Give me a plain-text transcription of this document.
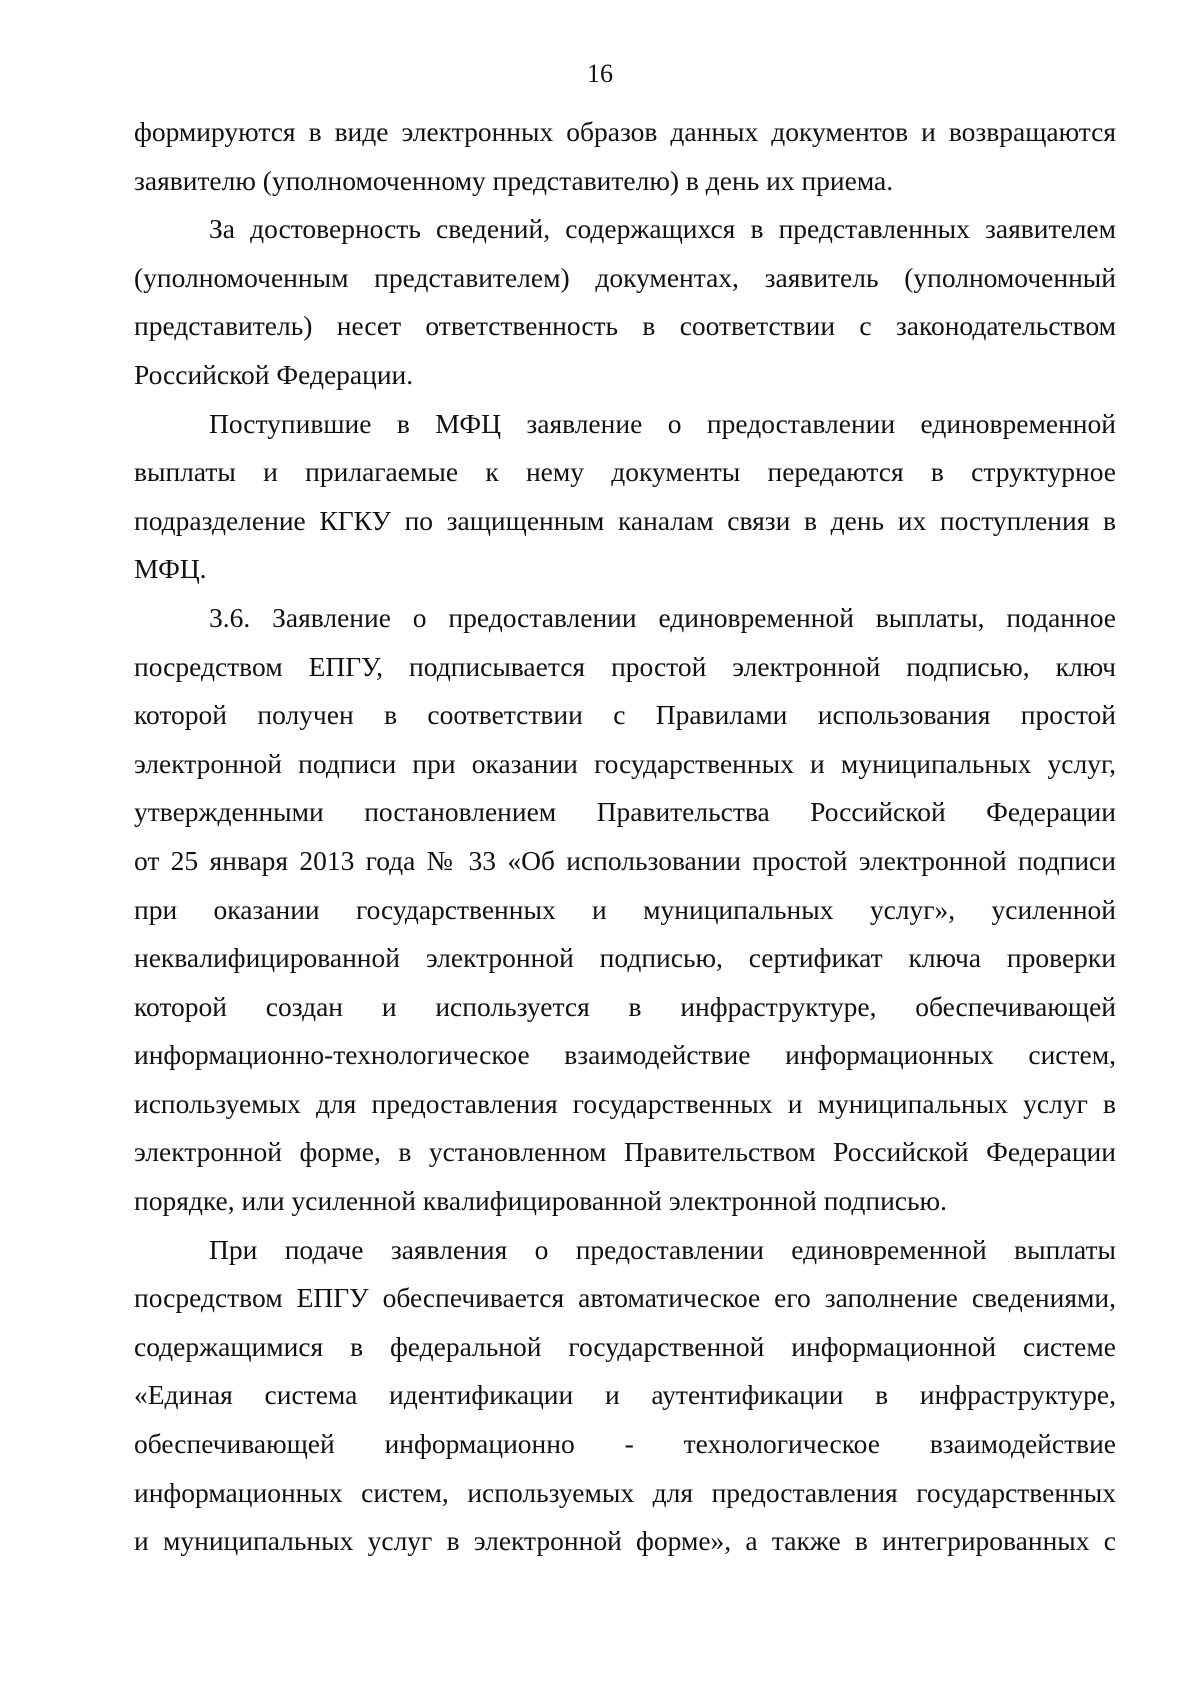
16
формируются в виде электронных образов данных документов и возвращаются
заявителю (уполномоченному представителю) в день их приема.
За достоверность сведений, содержащихся в представленных заявителем
(уполномоченным представителем) документах, заявитель (уполномоченный
представитель) несет ответственность в соответствии с законодательством
Российской Федерации.
Поступившие в МФЦ заявление о предоставлении единовременной
выплаты и прилагаемые к нему документы передаются в структурное
подразделение КГКУ по защищенным каналам связи в день их поступления в
МФЦ.
3.6. Заявление о предоставлении единовременной выплаты, поданное
посредством ЕПГУ, подписывается простой электронной подписью, ключ
которой получен в соответствии с Правилами использования простой
электронной подписи при оказании государственных и муниципальных услуг,
утвержденными постановлением Правительства Российской Федерации
от 25 января 2013 года № 33 «Об использовании простой электронной подписи
при оказании государственных и муниципальных услуг», усиленной
неквалифицированной электронной подписью, сертификат ключа проверки
которой создан и используется в инфраструктуре, обеспечивающей
информационно-технологическое взаимодействие информационных систем,
используемых для предоставления государственных и муниципальных услуг в
электронной форме, в установленном Правительством Российской Федерации
порядке, или усиленной квалифицированной электронной подписью.
При подаче заявления о предоставлении единовременной выплаты
посредством ЕПГУ обеспечивается автоматическое его заполнение сведениями,
содержащимися в федеральной государственной информационной системе
«Единая система идентификации и аутентификации в инфраструктуре,
обеспечивающей информационно - технологическое взаимодействие
информационных систем, используемых для предоставления государственных
и муниципальных услуг в электронной форме», а также в интегрированных с
